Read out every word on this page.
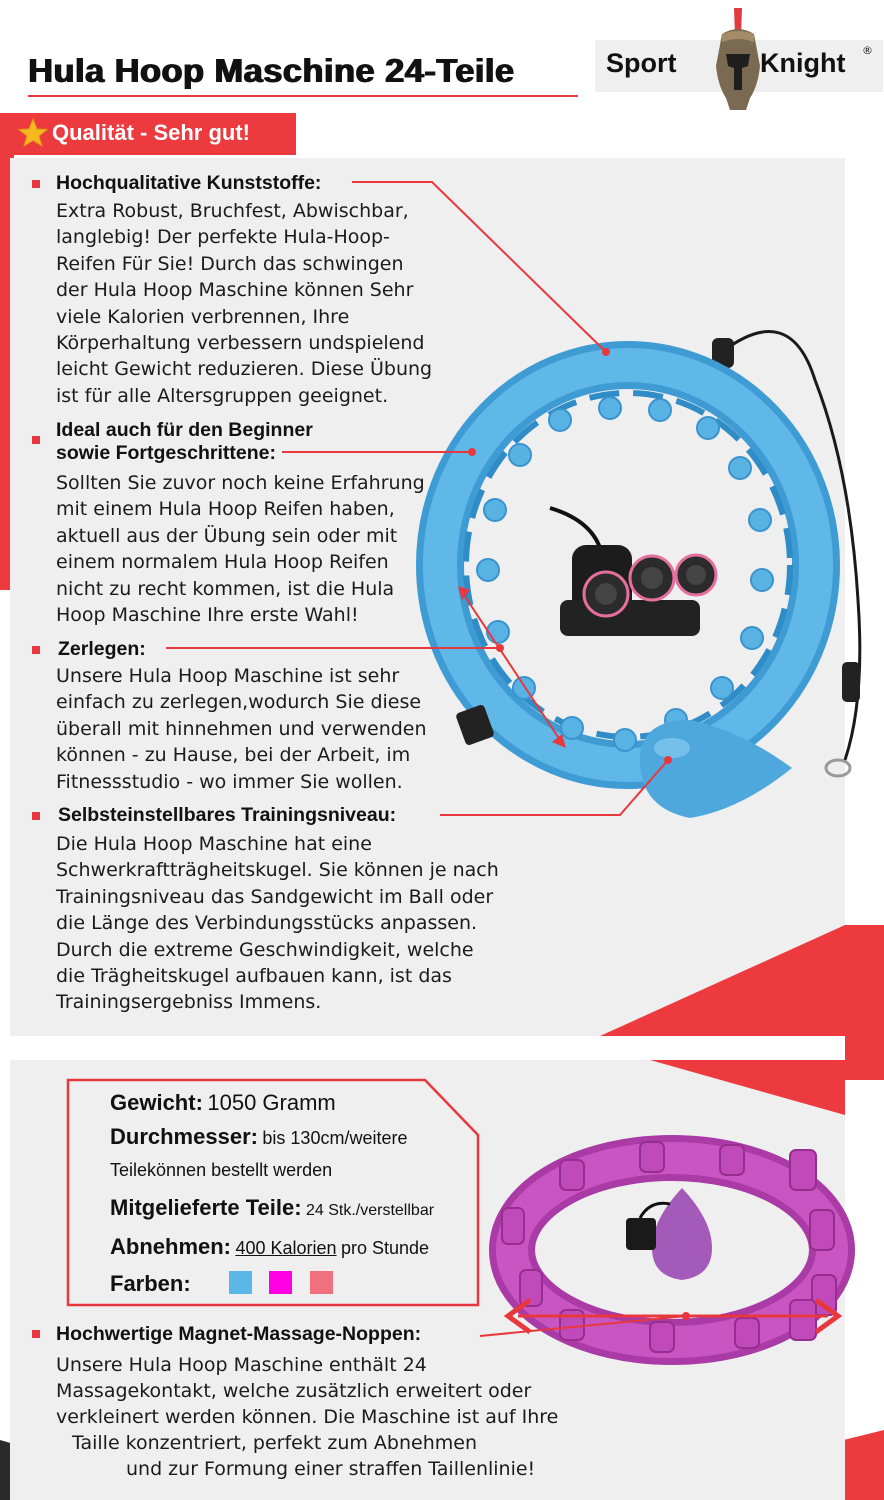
Hula Hoop Maschine 24-Teile	Sport	Knight ®
Qualität - Sehr gut!
Hochqualitative Kunststoffe:
Extra Robust, Bruchfest, Abwischbar,
langlebig! Der perfekte Hula-Hoop-
Reifen Für Sie! Durch das schwingen
der Hula Hoop Maschine können Sehr
viele Kalorien verbrennen, Ihre
Körperhaltung verbessern undspielend
leicht Gewicht reduzieren. Diese Übung
ist für alle Altersgruppen geeignet.
Ideal auch für den Beginner
sowie Fortgeschrittene:
Sollten Sie zuvor noch keine Erfahrung
mit einem Hula Hoop Reifen haben,
aktuell aus der Übung sein oder mit
einem normalem Hula Hoop Reifen
nicht zu recht kommen, ist die Hula
Hoop Maschine Ihre erste Wahl!
Zerlegen:
Unsere Hula Hoop Maschine ist sehr
einfach zu zerlegen,wodurch Sie diese
überall mit hinnehmen und verwenden
können - zu Hause, bei der Arbeit, im
Fitnessstudio - wo immer Sie wollen.
Selbsteinstellbares Trainingsniveau:
Die Hula Hoop Maschine hat eine
Schwerkraftträgheitskugel. Sie können je nach
Trainingsniveau das Sandgewicht im Ball oder
die Länge des Verbindungsstücks anpassen.
Durch die extreme Geschwindigkeit, welche
die Trägheitskugel aufbauen kann, ist das
Trainingsergebniss Immens.
Gewicht: 1050 Gramm
Durchmesser: bis 130cm/weitere
Teilekönnen bestellt werden
Mitgelieferte Teile: 24 Stk./verstellbar
Abnehmen: 400 Kalorien pro Stunde
Farben:
Hochwertige Magnet-Massage-Noppen:
Unsere Hula Hoop Maschine enthält 24
Massagekontakt, welche zusätzlich erweitert oder
verkleinert werden können. Die Maschine ist auf Ihre
Taille konzentriert, perfekt zum Abnehmen
und zur Formung einer straffen Taillenlinie!
